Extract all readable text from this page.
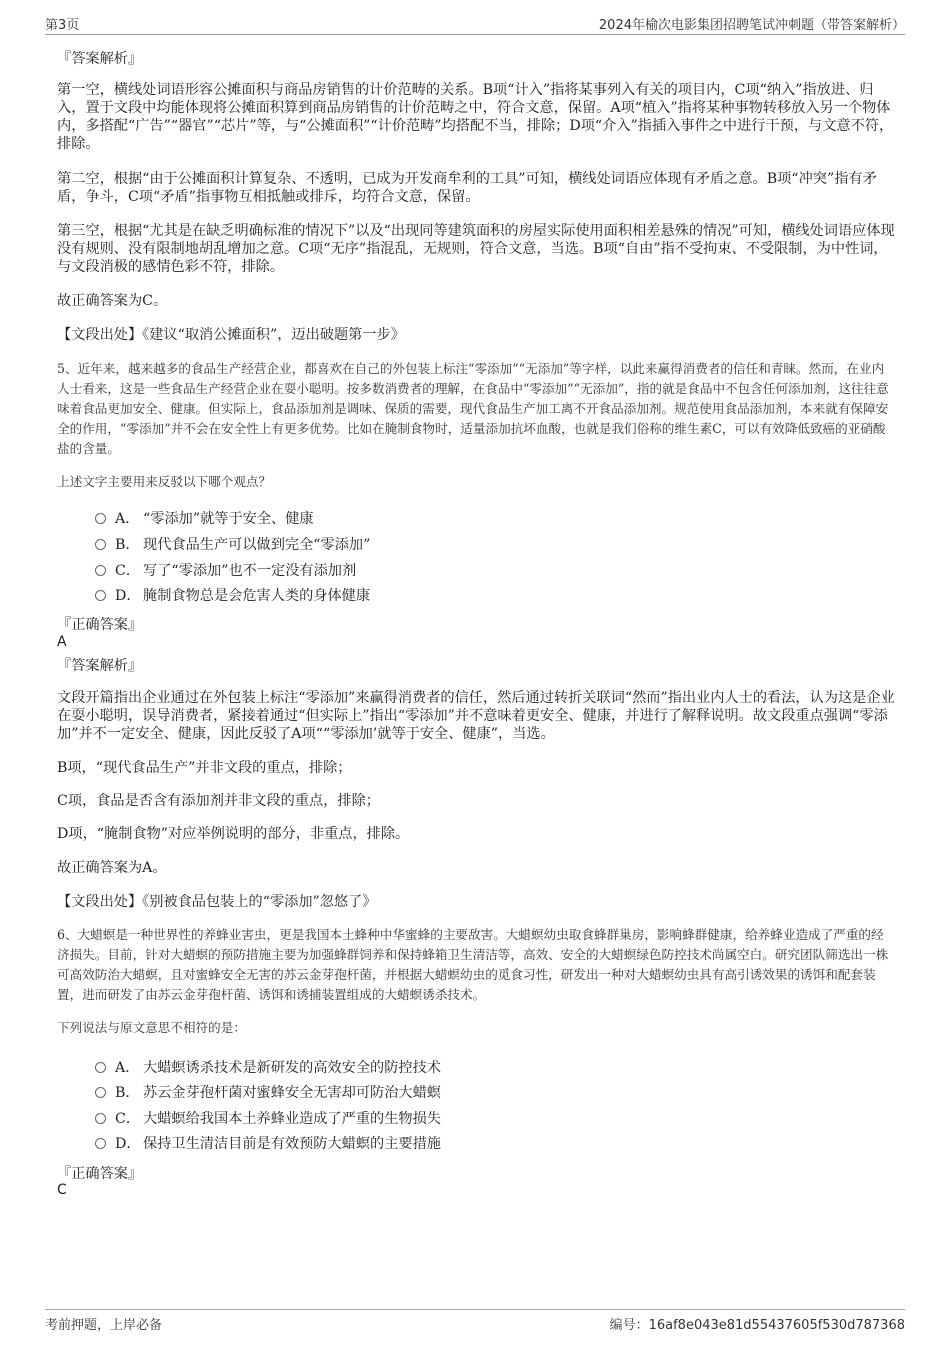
第3页	2024年榆次电影集团招聘笔试冲刺题（带答案解析）
『答案解析』
第一空，横线处词语形容公摊面积与商品房销售的计价范畴的关系。B项“计入”指将某事列入有关的项目内，C项“纳入”指放进、归入，置于文段中均能体现将公摊面积算到商品房销售的计价范畴之中，符合文意，保留。A项“植入”指将某种事物转移放入另一个物体内，多搭配“广告”“器官”“芯片”等，与“公摊面积”“计价范畴”均搭配不当，排除；D项“介入”指插入事件之中进行干预，与文意不符，排除。
第二空，根据“由于公摊面积计算复杂、不透明，已成为开发商牟利的工具”可知，横线处词语应体现有矛盾之意。B项“冲突”指有矛盾，争斗，C项“矛盾”指事物互相抵触或排斥，均符合文意，保留。
第三空，根据“尤其是在缺乏明确标准的情况下”以及“出现同等建筑面积的房屋实际使用面积相差悬殊的情况”可知，横线处词语应体现没有规则、没有限制地胡乱增加之意。C项“无序”指混乱，无规则，符合文意，当选。B项“自由”指不受拘束、不受限制，为中性词，与文段消极的感情色彩不符，排除。
故正确答案为C。
【文段出处】《建议“取消公摊面积”，迈出破题第一步》
5、近年来，越来越多的食品生产经营企业，都喜欢在自己的外包装上标注“零添加”“无添加”等字样，以此来赢得消费者的信任和青睐。然而，在业内人士看来，这是一些食品生产经营企业在耍小聪明。按多数消费者的理解，在食品中“零添加”“无添加”，指的就是食品中不包含任何添加剂，这往往意味着食品更加安全、健康。但实际上，食品添加剂是调味、保质的需要，现代食品生产加工离不开食品添加剂。规范使用食品添加剂，本来就有保障安全的作用，“零添加”并不会在安全性上有更多优势。比如在腌制食物时，适量添加抗坏血酸，也就是我们俗称的维生素C，可以有效降低致癌的亚硝酸盐的含量。
上述文字主要用来反驳以下哪个观点？
A． “零添加”就等于安全、健康
B． 现代食品生产可以做到完全“零添加”
C． 写了“零添加”也不一定没有添加剂
D． 腌制食物总是会危害人类的身体健康
『正确答案』
A
『答案解析』
文段开篇指出企业通过在外包装上标注“零添加”来赢得消费者的信任，然后通过转折关联词“然而”指出业内人士的看法，认为这是企业在耍小聪明，误导消费者，紧接着通过“但实际上”指出“零添加”并不意味着更安全、健康，并进行了解释说明。故文段重点强调“零添加”并不一定安全、健康，因此反驳了A项““零添加’就等于安全、健康”，当选。
B项，“现代食品生产”并非文段的重点，排除；
C项，食品是否含有添加剂并非文段的重点，排除；
D项，“腌制食物”对应举例说明的部分，非重点，排除。
故正确答案为A。
【文段出处】《别被食品包装上的“零添加”忽悠了》
6、大蜡螟是一种世界性的养蜂业害虫，更是我国本土蜂种中华蜜蜂的主要敌害。大蜡螟幼虫取食蜂群巢房，影响蜂群健康，给养蜂业造成了严重的经济损失。目前，针对大蜡螟的预防措施主要为加强蜂群饲养和保持蜂箱卫生清洁等，高效、安全的大蜡螟绿色防控技术尚属空白。研究团队筛选出一株可高效防治大蜡螟，且对蜜蜂安全无害的苏云金芽孢杆菌，并根据大蜡螟幼虫的觅食习性，研发出一种对大蜡螟幼虫具有高引诱效果的诱饵和配套装置，进而研发了由苏云金芽孢杆菌、诱饵和诱捕装置组成的大蜡螟诱杀技术。
下列说法与原文意思不相符的是：
A． 大蜡螟诱杀技术是新研发的高效安全的防控技术
B． 苏云金芽孢杆菌对蜜蜂安全无害却可防治大蜡螟
C． 大蜡螟给我国本土养蜂业造成了严重的生物损失
D． 保持卫生清洁目前是有效预防大蜡螟的主要措施
『正确答案』
C
考前押题，上岸必备	编号：16af8e043e81d55437605f530d787368
